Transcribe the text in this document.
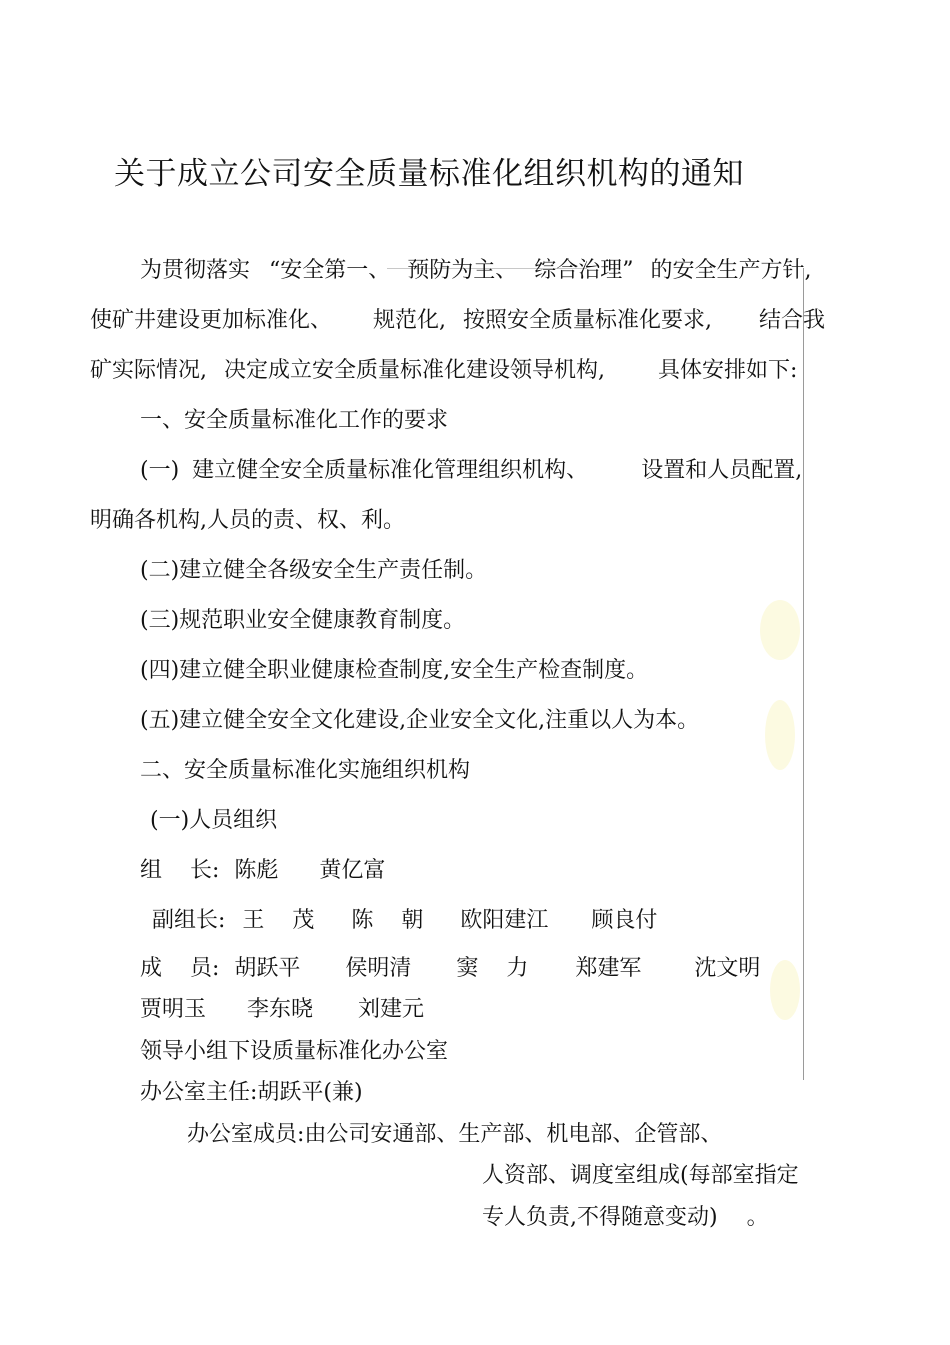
关于成立公司安全质量标准化组织机构的通知
为贯彻落实 “安全第一、 预防为主、 综合治理” 的安全生产方针,
使矿井建设更加标准化、 规范化, 按照安全质量标准化要求, 结合我
矿实际情况, 决定成立安全质量标准化建设领导机构, 具体安排如下:
一、安全质量标准化工作的要求
(一) 建立健全安全质量标准化管理组织机构、 设置和人员配置,
明确各机构,人员的责、权、利。
(二)建立健全各级安全生产责任制。
(三)规范职业安全健康教育制度。
(四)建立健全职业健康检查制度,安全生产检查制度。
(五)建立健全安全文化建设,企业安全文化,注重以人为本。
二、安全质量标准化实施组织机构
(一)人员组织
组    长: 陈彪 黄亿富
副组长: 王    茂 陈    朝 欧阳建江 顾良付
成    员: 胡跃平 侯明清 窦    力 郑建军 沈文明
贾明玉 李东晓 刘建元
领导小组下设质量标准化办公室
办公室主任:胡跃平(兼)
办公室成员:由公司安通部、生产部、机电部、企管部、
人资部、调度室组成(每部室指定
专人负责,不得随意变动) 。
